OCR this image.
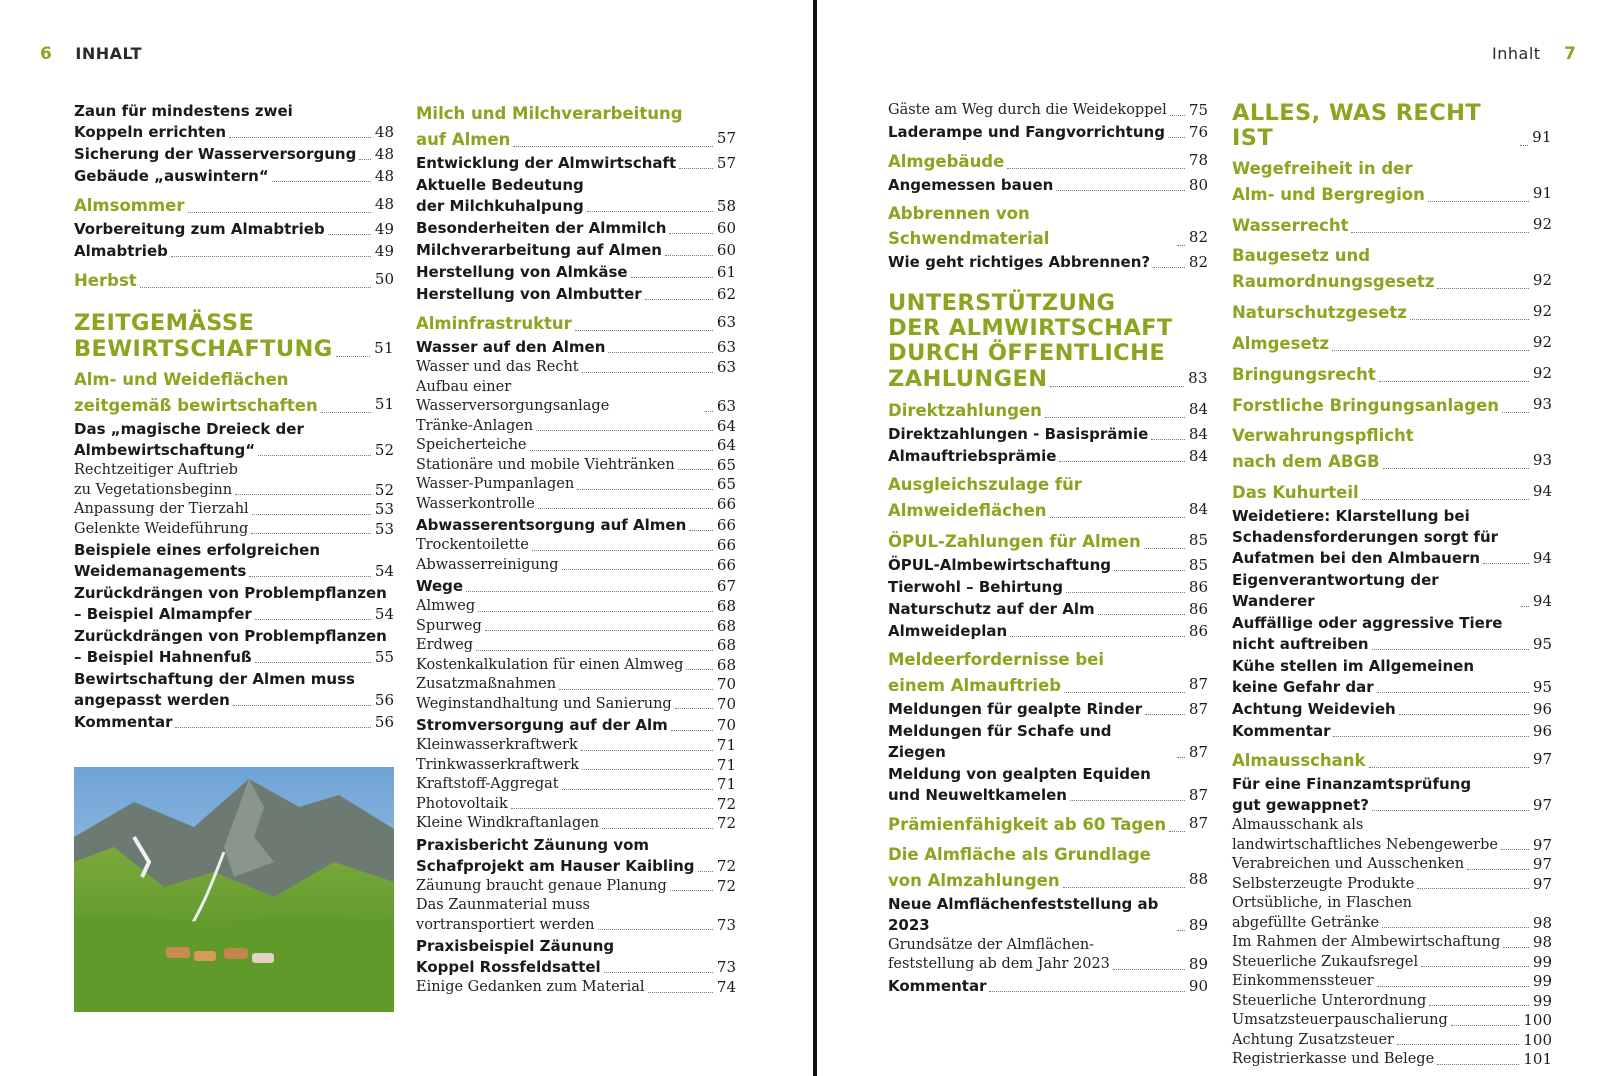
6 INHALT	Inhalt 7
Zaun für mindestens zwei
Koppeln errichten	48
Sicherung der Wasserversorgung 48
Gebäude „auswintern“	48
Almsommer	48
Vorbereitung zum Almabtrieb	49
Almabtrieb	49
Herbst	50
ZEITGEMÄSSE
BEWIRTSCHAFTUNG	51
Alm- und Weideflächen
zeitgemäß bewirtschaften	51
Das „magische Dreieck der
Almbewirtschaftung“	52
Rechtzeitiger Auftrieb
zu Vegetationsbeginn	52
Anpassung der Tierzahl	53
Gelenkte Weideführung	53
Beispiele eines erfolgreichen
Weidemanagements	54
Zurückdrängen von Problempflanzen
– Beispiel Almampfer	54
Zurückdrängen von Problempflanzen
– Beispiel Hahnenfuß	55
Bewirtschaftung der Almen muss
angepasst werden	56
Kommentar	56
Milch und Milchverarbeitung
auf Almen	57
Entwicklung der Almwirtschaft	57
Aktuelle Bedeutung
der Milchkuhalpung	58
Besonderheiten der Almmilch	60
Milchverarbeitung auf Almen	60
Herstellung von Almkäse	61
Herstellung von Almbutter	62
Alminfrastruktur	63
Wasser auf den Almen	63
Wasser und das Recht	63
Aufbau einer Wasserversorgungsanlage	63
Tränke-Anlagen	64
Speicherteiche	64
Stationäre und mobile Viehtränken	65
Wasser-Pumpanlagen	65
Wasserkontrolle	66
Abwasserentsorgung auf Almen 66
Trockentoilette	66
Abwasserreinigung	66
Wege	67
Almweg	68
Spurweg	68
Erdweg	68
Kostenkalkulation für einen Almweg 68
Zusatzmaßnahmen	70
Weginstandhaltung und Sanierung	70
Stromversorgung auf der Alm	70
Kleinwasserkraftwerk	71
Trinkwasserkraftwerk	71
Kraftstoff-Aggregat	71
Photovoltaik	72
Kleine Windkraftanlagen	72
Praxisbericht Zäunung vom
Schafprojekt am Hauser Kaibling 72
Zäunung braucht genaue Planung	72
Das Zaunmaterial muss
vortransportiert werden	73
Praxisbeispiel Zäunung
Koppel Rossfeldsattel	73
Einige Gedanken zum Material	74
Gäste am Weg durch die Weidekoppel 75
Laderampe und Fangvorrichtung 76
Almgebäude	78
Angemessen bauen	80
Abbrennen von Schwendmaterial	82
Wie geht richtiges Abbrennen?	82
UNTERSTÜTZUNG
DER ALMWIRTSCHAFT
DURCH ÖFFENTLICHE
ZAHLUNGEN	83
Direktzahlungen	84
Direktzahlungen - Basisprämie	84
Almauftriebsprämie	84
Ausgleichszulage für
Almweideflächen	84
ÖPUL-Zahlungen für Almen	85
ÖPUL-Almbewirtschaftung	85
Tierwohl – Behirtung	86
Naturschutz auf der Alm	86
Almweideplan	86
Meldeerfordernisse bei
einem Almauftrieb	87
Meldungen für gealpte Rinder	87
Meldungen für Schafe und Ziegen	87
Meldung von gealpten Equiden
und Neuweltkamelen	87
Prämienfähigkeit ab 60 Tagen 87
Die Almfläche als Grundlage
von Almzahlungen	88
Neue Almflächenfeststellung ab 2023	89
Grundsätze der Almflächen-
feststellung ab dem Jahr 2023	89
Kommentar	90
ALLES, WAS RECHT IST	91
Wegefreiheit in der
Alm- und Bergregion	91
Wasserrecht	92
Baugesetz und
Raumordnungsgesetz	92
Naturschutzgesetz	92
Almgesetz	92
Bringungsrecht	92
Forstliche Bringungsanlagen 93
Verwahrungspflicht
nach dem ABGB	93
Das Kuhurteil	94
Weidetiere: Klarstellung bei
Schadensforderungen sorgt für
Aufatmen bei den Almbauern	94
Eigenverantwortung der Wanderer	94
Auffällige oder aggressive Tiere
nicht auftreiben	95
Kühe stellen im Allgemeinen
keine Gefahr dar	95
Achtung Weidevieh	96
Kommentar	96
Almausschank	97
Für eine Finanzamtsprüfung
gut gewappnet?	97
Almausschank als
landwirtschaftliches Nebengewerbe 97
Verabreichen und Ausschenken	97
Selbsterzeugte Produkte	97
Ortsübliche, in Flaschen
abgefüllte Getränke	98
Im Rahmen der Almbewirtschaftung 98
Steuerliche Zukaufsregel	99
Einkommenssteuer	99
Steuerliche Unterordnung	99
Umsatzsteuerpauschalierung	100
Achtung Zusatzsteuer	100
Registrierkasse und Belege	101
